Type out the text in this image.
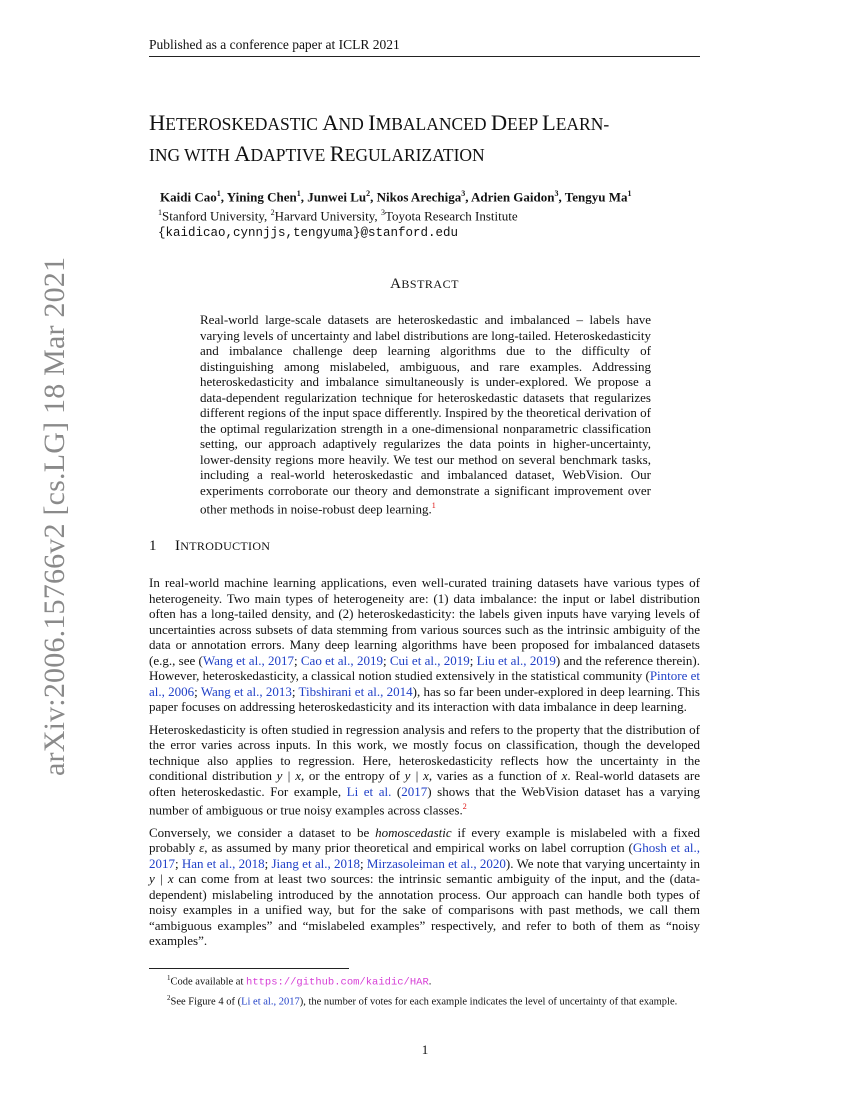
Published as a conference paper at ICLR 2021
arXiv:2006.15766v2 [cs.LG] 18 Mar 2021
HETEROSKEDASTIC AND IMBALANCED DEEP LEARN-
ING WITH ADAPTIVE REGULARIZATION
Kaidi Cao$^1$, Yining Chen$^1$, Junwei Lu$^2$, Nikos Arechiga$^3$, Adrien Gaidon$^3$, Tengyu Ma$^1$
$^1$Stanford University, $^2$Harvard University, $^3$Toyota Research Institute
{kaidicao,cynnjjs,tengyuma}@stanford.edu
ABSTRACT
Real-world large-scale datasets are heteroskedastic and imbalanced – labels have varying levels of uncertainty and label distributions are long-tailed. Heteroskedasticity and imbalance challenge deep learning algorithms due to the difficulty of distinguishing among mislabeled, ambiguous, and rare examples. Addressing heteroskedasticity and imbalance simultaneously is under-explored. We propose a data-dependent regularization technique for heteroskedastic datasets that regularizes different regions of the input space differently. Inspired by the theoretical derivation of the optimal regularization strength in a one-dimensional nonparametric classification setting, our approach adaptively regularizes the data points in higher-uncertainty, lower-density regions more heavily. We test our method on several benchmark tasks, including a real-world heteroskedastic and imbalanced dataset, WebVision. Our experiments corroborate our theory and demonstrate a significant improvement over other methods in noise-robust deep learning.$^1$
1 INTRODUCTION

In real-world machine learning applications, even well-curated training datasets have various types of heterogeneity. Two main types of heterogeneity are: (1) data imbalance: the input or label distribution often has a long-tailed density, and (2) heteroskedasticity: the labels given inputs have varying levels of uncertainties across subsets of data stemming from various sources such as the intrinsic ambiguity of the data or annotation errors. Many deep learning algorithms have been proposed for imbalanced datasets (e.g., see (Wang et al., 2017; Cao et al., 2019; Cui et al., 2019; Liu et al., 2019) and the reference therein). However, heteroskedasticity, a classical notion studied extensively in the statistical community (Pintore et al., 2006; Wang et al., 2013; Tibshirani et al., 2014), has so far been under-explored in deep learning. This paper focuses on addressing heteroskedasticity and its interaction with data imbalance in deep learning.

Heteroskedasticity is often studied in regression analysis and refers to the property that the distribution of the error varies across inputs. In this work, we mostly focus on classification, though the developed technique also applies to regression. Here, heteroskedasticity reflects how the uncertainty in the conditional distribution y | x, or the entropy of y | x, varies as a function of x. Real-world datasets are often heteroskedastic. For example, Li et al. (2017) shows that the WebVision dataset has a varying number of ambiguous or true noisy examples across classes.$^2$

Conversely, we consider a dataset to be homoscedastic if every example is mislabeled with a fixed probably ε, as assumed by many prior theoretical and empirical works on label corruption (Ghosh et al., 2017; Han et al., 2018; Jiang et al., 2018; Mirzasoleiman et al., 2020). We note that varying uncertainty in y | x can come from at least two sources: the intrinsic semantic ambiguity of the input, and the (data-dependent) mislabeling introduced by the annotation process. Our approach can handle both types of noisy examples in a unified way, but for the sake of comparisons with past methods, we call them “ambiguous examples” and “mislabeled examples” respectively, and refer to both of them as “noisy examples”.

$^1$Code available at https://github.com/kaidic/HAR.

$^2$See Figure 4 of (Li et al., 2017), the number of votes for each example indicates the level of uncertainty of that example.

1
